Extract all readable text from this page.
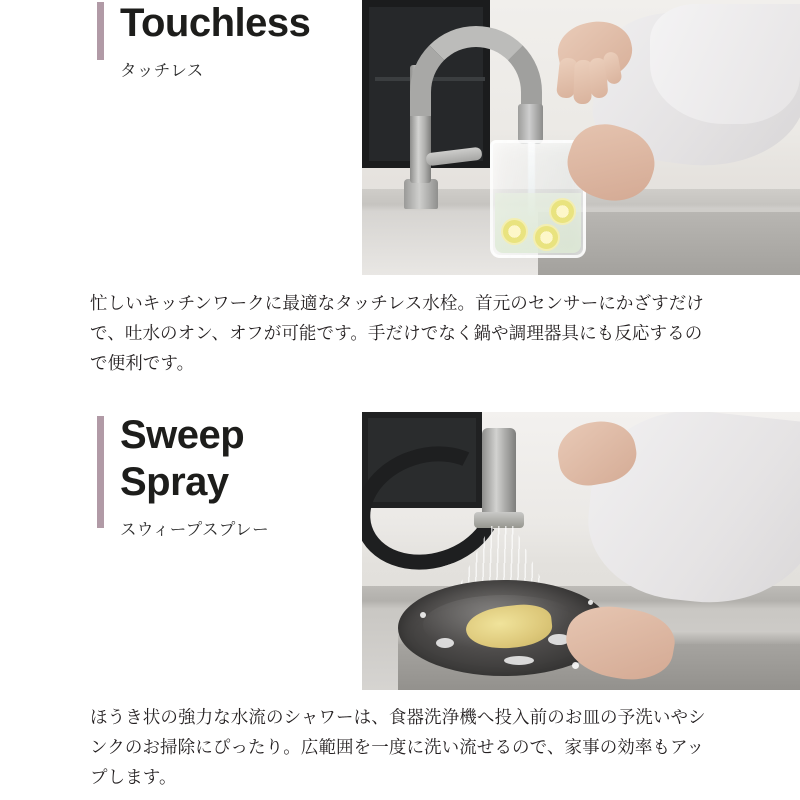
Touchless
タッチレス
忙しいキッチンワークに最適なタッチレス水栓。首元のセンサーにかざすだけで、吐水のオン、オフが可能です。手だけでなく鍋や調理器具にも反応するので便利です。
Sweep
Spray
スウィープスプレー
ほうき状の強力な水流のシャワーは、食器洗浄機へ投入前のお皿の予洗いやシンクのお掃除にぴったり。広範囲を一度に洗い流せるので、家事の効率もアップします。
